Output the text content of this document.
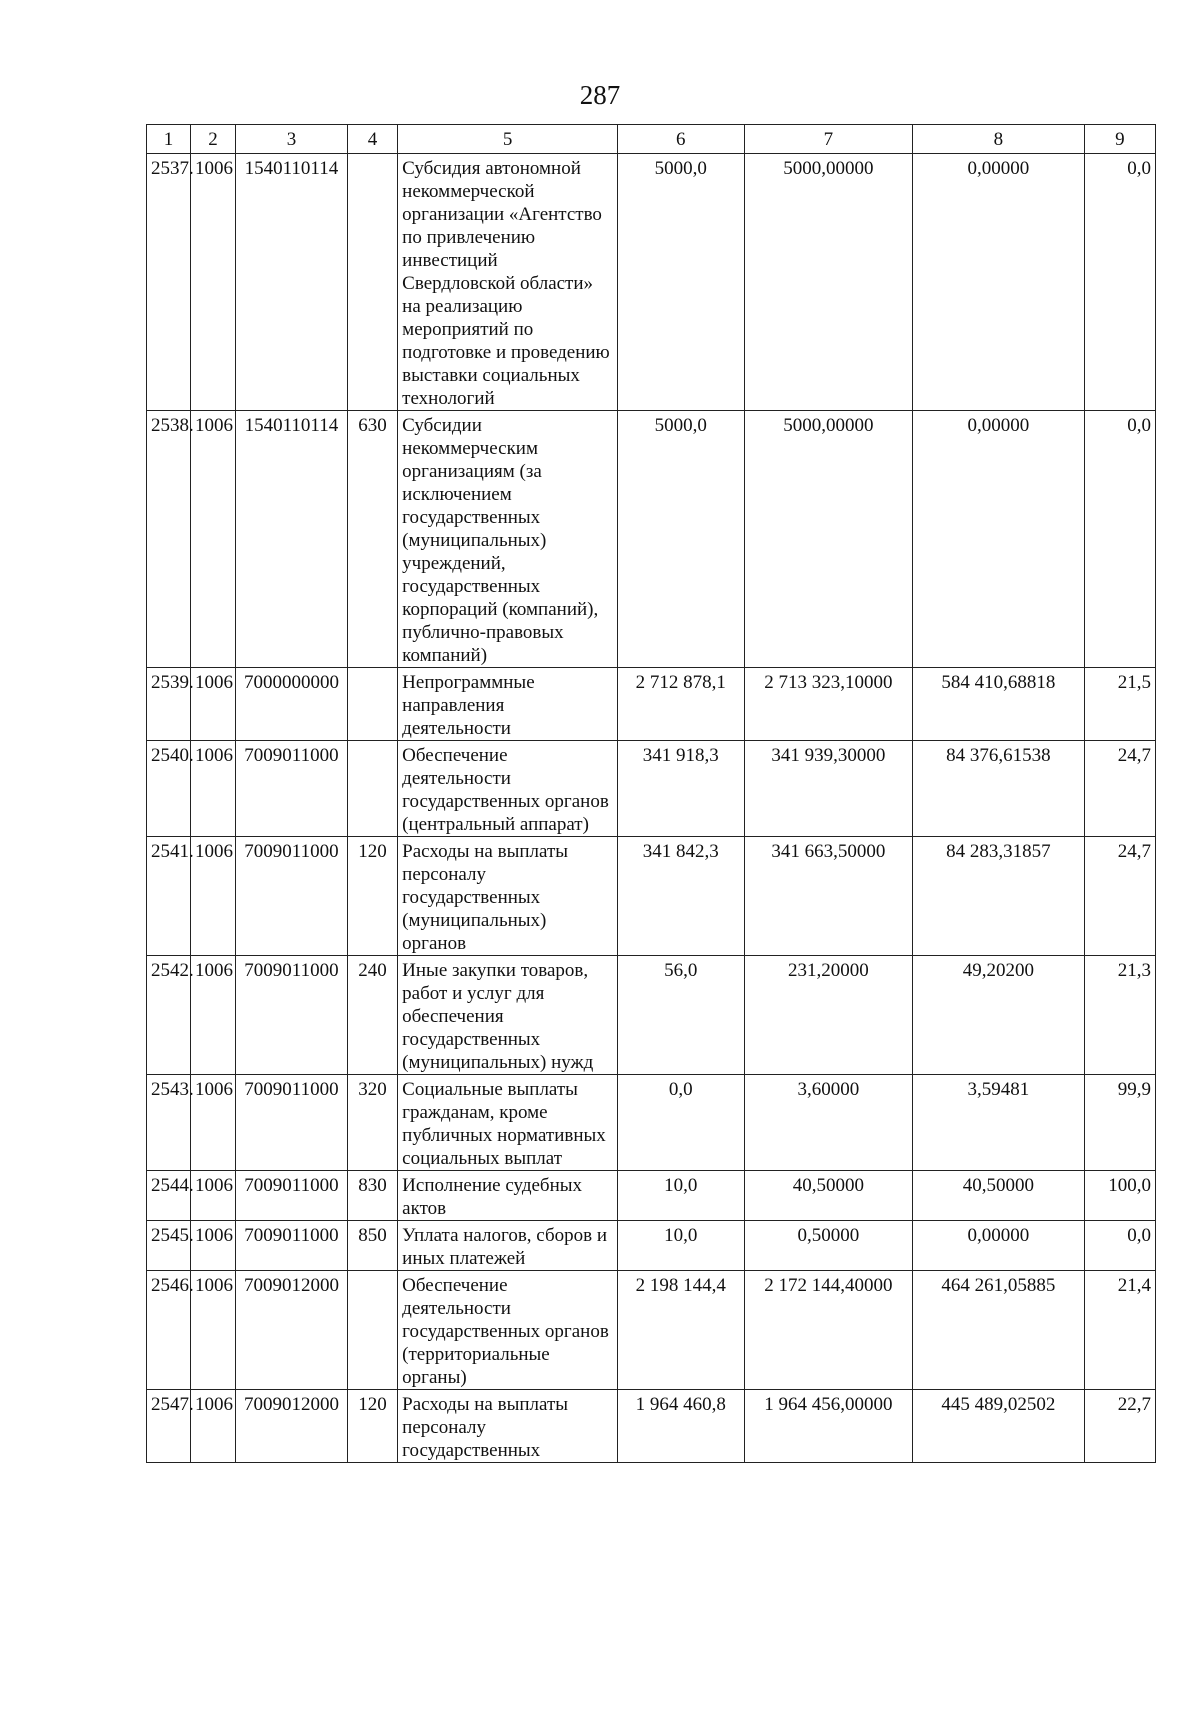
287
1	2	3	4	5	6	7	8	9
2537.	1006	1540110114		Субсидия автономной некоммерческой организации «Агентство по привлечению инвестиций Свердловской области» на реализацию мероприятий по подготовке и проведению выставки социальных технологий	5000,0	5000,00000	0,00000	0,0
2538.	1006	1540110114	630	Субсидии некоммерческим организациям (за исключением государственных (муниципальных) учреждений, государственных корпораций (компаний), публично-правовых компаний)	5000,0	5000,00000	0,00000	0,0
2539.	1006	7000000000		Непрограммные направления деятельности	2 712 878,1	2 713 323,10000	584 410,68818	21,5
2540.	1006	7009011000		Обеспечение деятельности государственных органов (центральный аппарат)	341 918,3	341 939,30000	84 376,61538	24,7
2541.	1006	7009011000	120	Расходы на выплаты персоналу государственных (муниципальных) органов	341 842,3	341 663,50000	84 283,31857	24,7
2542.	1006	7009011000	240	Иные закупки товаров, работ и услуг для обеспечения государственных (муниципальных) нужд	56,0	231,20000	49,20200	21,3
2543.	1006	7009011000	320	Социальные выплаты гражданам, кроме публичных нормативных социальных выплат	0,0	3,60000	3,59481	99,9
2544.	1006	7009011000	830	Исполнение судебных актов	10,0	40,50000	40,50000	100,0
2545.	1006	7009011000	850	Уплата налогов, сборов и иных платежей	10,0	0,50000	0,00000	0,0
2546.	1006	7009012000		Обеспечение деятельности государственных органов (территориальные органы)	2 198 144,4	2 172 144,40000	464 261,05885	21,4
2547.	1006	7009012000	120	Расходы на выплаты персоналу государственных	1 964 460,8	1 964 456,00000	445 489,02502	22,7
